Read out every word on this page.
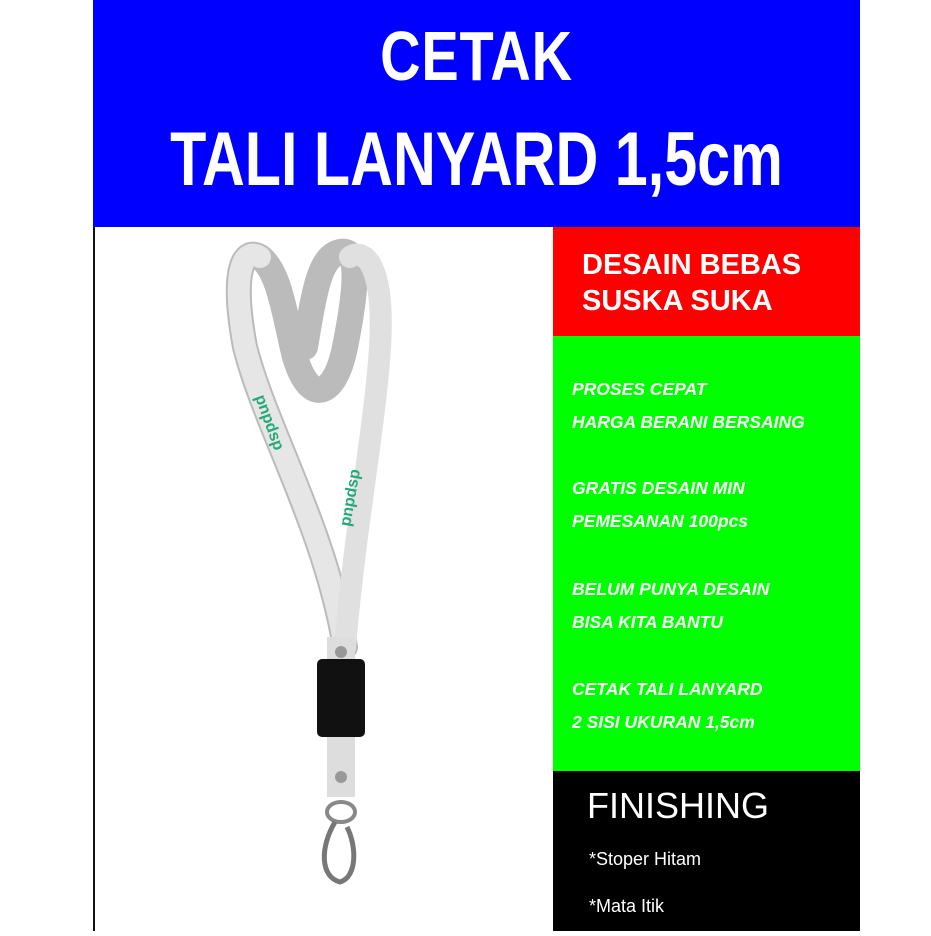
CETAK
TALI LANYARD 1,5cm
pnpdsp
pnpdsp
DESAIN BEBAS
SUSKA SUKA
PROSES CEPAT
HARGA BERANI BERSAING
GRATIS DESAIN MIN
PEMESANAN 100pcs
BELUM PUNYA DESAIN
BISA KITA BANTU
CETAK TALI LANYARD
2 SISI UKURAN 1,5cm
FINISHING
*Stoper Hitam
*Mata Itik
